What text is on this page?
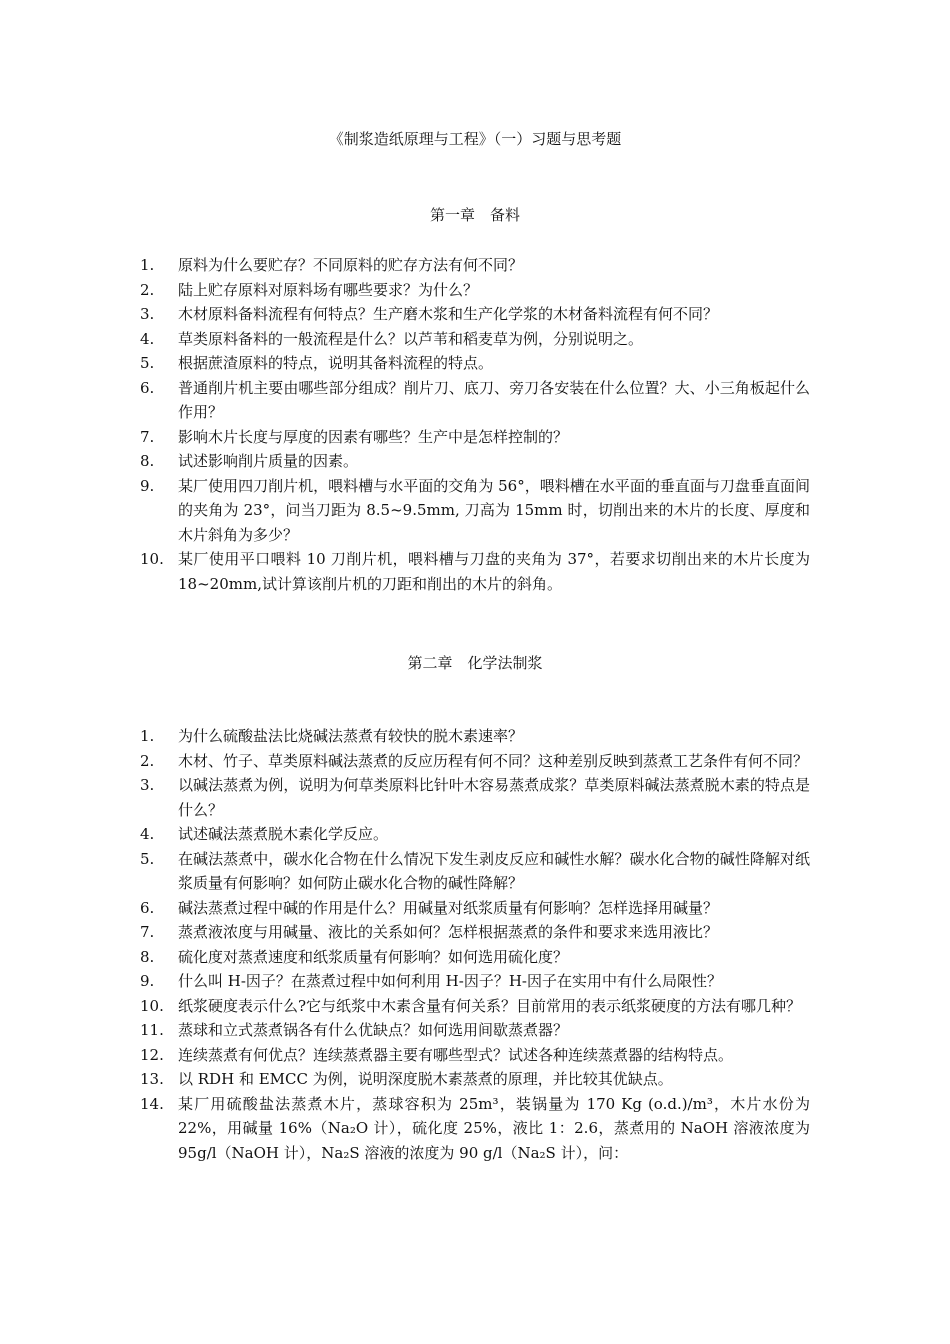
《制浆造纸原理与工程》（一）习题与思考题
第一章　备料
1. 原料为什么要贮存？不同原料的贮存方法有何不同？
2. 陆上贮存原料对原料场有哪些要求？为什么？
3. 木材原料备料流程有何特点？生产磨木浆和生产化学浆的木材备料流程有何不同？
4. 草类原料备料的一般流程是什么？以芦苇和稻麦草为例，分别说明之。
5. 根据蔗渣原料的特点，说明其备料流程的特点。
6. 普通削片机主要由哪些部分组成？削片刀、底刀、旁刀各安装在什么位置？大、小三角板起什么作用？
7. 影响木片长度与厚度的因素有哪些？生产中是怎样控制的？
8. 试述影响削片质量的因素。
9. 某厂使用四刀削片机，喂料槽与水平面的交角为 56°，喂料槽在水平面的垂直面与刀盘垂直面间的夹角为 23°，问当刀距为 8.5~9.5mm, 刀高为 15mm 时，切削出来的木片的长度、厚度和木片斜角为多少？
10. 某厂使用平口喂料 10 刀削片机，喂料槽与刀盘的夹角为 37°，若要求切削出来的木片长度为 18~20mm,试计算该削片机的刀距和削出的木片的斜角。
第二章　化学法制浆
1. 为什么硫酸盐法比烧碱法蒸煮有较快的脱木素速率？
2. 木材、竹子、草类原料碱法蒸煮的反应历程有何不同？这种差别反映到蒸煮工艺条件有何不同？
3. 以碱法蒸煮为例，说明为何草类原料比针叶木容易蒸煮成浆？草类原料碱法蒸煮脱木素的特点是什么？
4. 试述碱法蒸煮脱木素化学反应。
5. 在碱法蒸煮中，碳水化合物在什么情况下发生剥皮反应和碱性水解？碳水化合物的碱性降解对纸浆质量有何影响？如何防止碳水化合物的碱性降解？
6. 碱法蒸煮过程中碱的作用是什么？用碱量对纸浆质量有何影响？怎样选择用碱量？
7. 蒸煮液浓度与用碱量、液比的关系如何？怎样根据蒸煮的条件和要求来选用液比？
8. 硫化度对蒸煮速度和纸浆质量有何影响？如何选用硫化度？
9. 什么叫 H-因子？在蒸煮过程中如何利用 H-因子？H-因子在实用中有什么局限性？
10. 纸浆硬度表示什么?它与纸浆中木素含量有何关系？目前常用的表示纸浆硬度的方法有哪几种？
11. 蒸球和立式蒸煮锅各有什么优缺点？如何选用间歇蒸煮器？
12. 连续蒸煮有何优点？连续蒸煮器主要有哪些型式？试述各种连续蒸煮器的结构特点。
13. 以 RDH 和 EMCC 为例，说明深度脱木素蒸煮的原理，并比较其优缺点。
14. 某厂用硫酸盐法蒸煮木片，蒸球容积为 25m³，装锅量为 170 Kg (o.d.)/m³，木片水份为 22%，用碱量 16%（Na₂O 计），硫化度 25%，液比 1：2.6，蒸煮用的 NaOH 溶液浓度为 95g/l（NaOH 计），Na₂S 溶液的浓度为 90 g/l（Na₂S 计），问：
